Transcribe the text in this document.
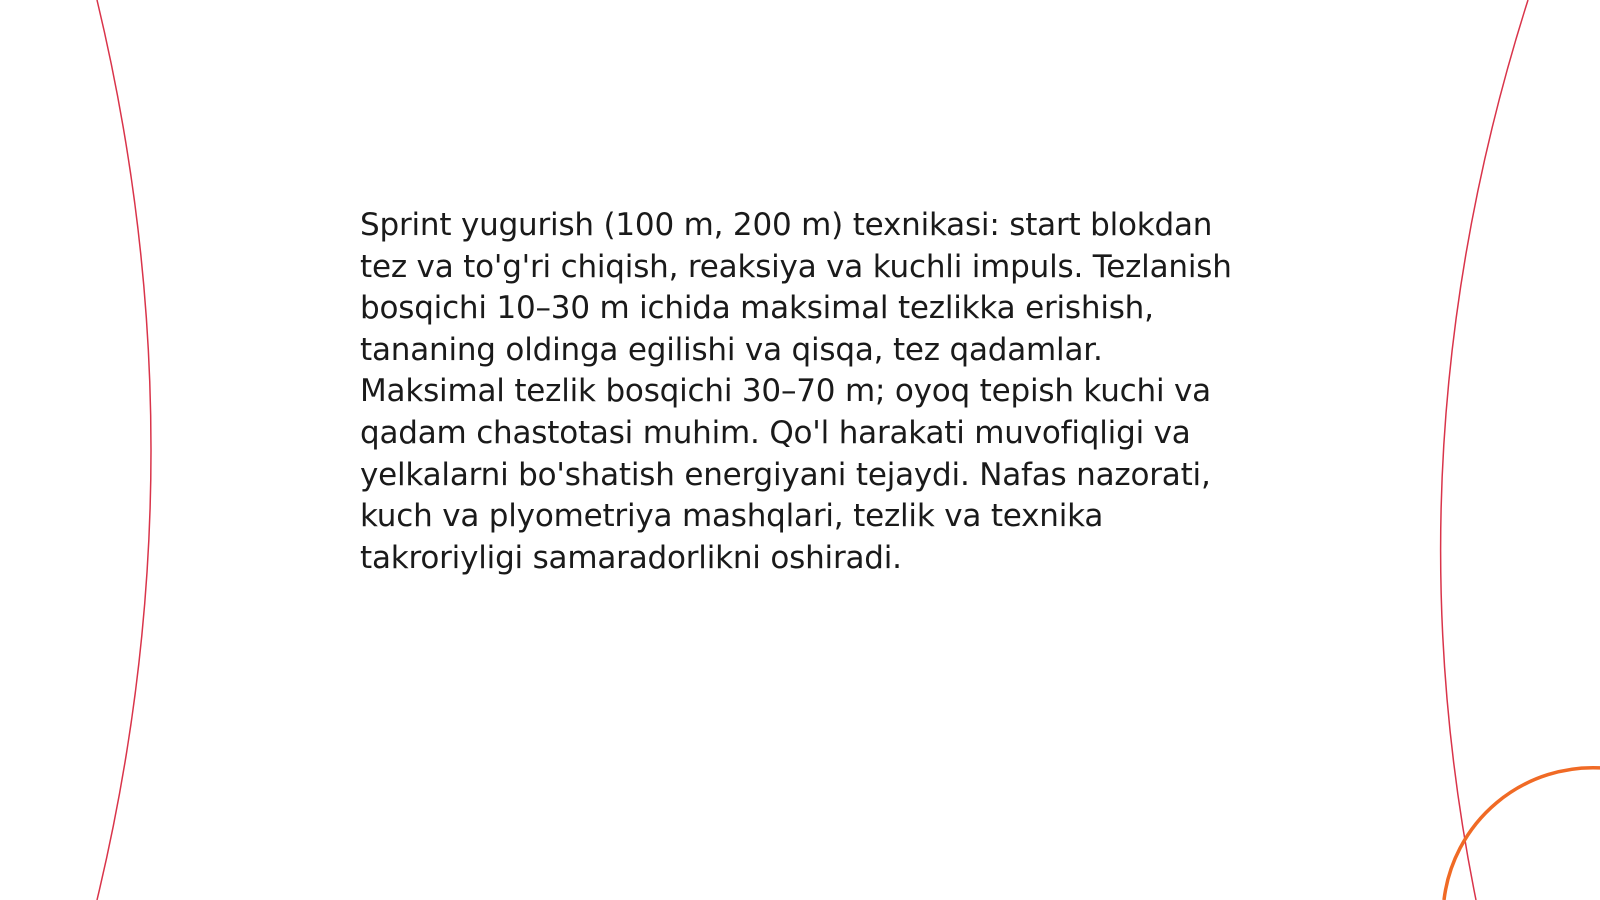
Sprint yugurish (100 m, 200 m) texnikasi: start blokdan tez va to'g'ri chiqish, reaksiya va kuchli impuls. Tezlanish bosqichi 10–30 m ichida maksimal tezlikka erishish, tananing oldinga egilishi va qisqa, tez qadamlar. Maksimal tezlik bosqichi 30–70 m; oyoq tepish kuchi va qadam chastotasi muhim. Qo'l harakati muvofiqligi va yelkalarni bo'shatish energiyani tejaydi. Nafas nazorati, kuch va plyometriya mashqlari, tezlik va texnika takroriyligi samaradorlikni oshiradi.
